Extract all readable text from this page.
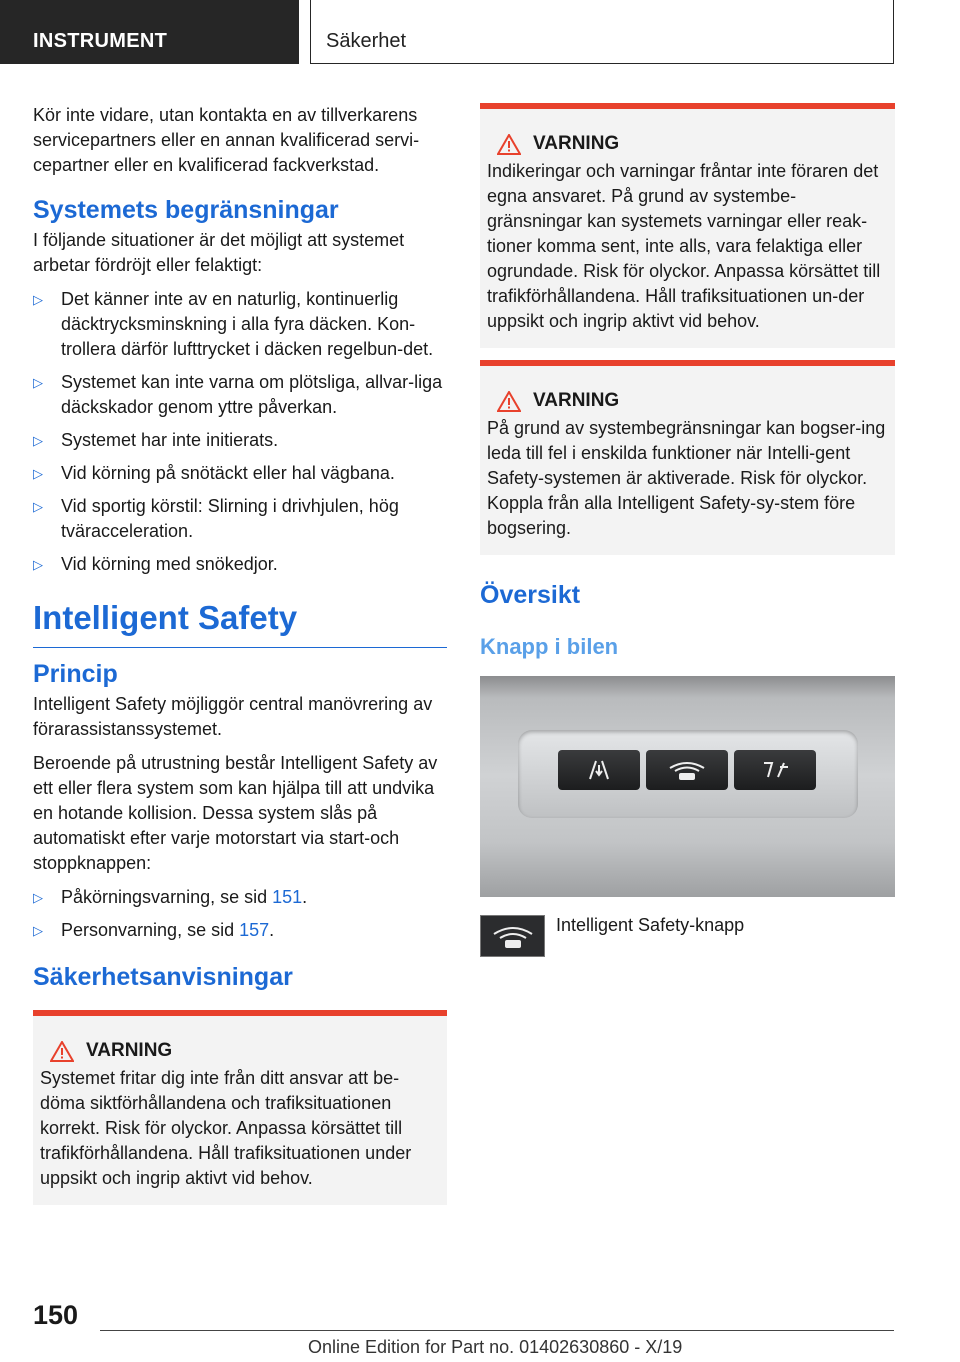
INSTRUMENT	Säkerhet

Kör inte vidare, utan kontakta en av tillverkarens servicepartners eller en annan kvalificerad servi-cepartner eller en kvalificerad fackverkstad.

Systemets begränsningar

I följande situationer är det möjligt att systemet arbetar fördröjt eller felaktigt:

▷ Det känner inte av en naturlig, kontinuerlig däcktrycksminskning i alla fyra däcken. Kon-trollera därför lufttrycket i däcken regelbun-det.
▷ Systemet kan inte varna om plötsliga, allvar-liga däckskador genom yttre påverkan.
▷ Systemet har inte initierats.
▷ Vid körning på snötäckt eller hal vägbana.
▷ Vid sportig körstil: Slirning i drivhjulen, hög tväracceleration.
▷ Vid körning med snökedjor.
Intelligent Safety
Princip

Intelligent Safety möjliggör central manövrering av förarassistanssystemet.

Beroende på utrustning består Intelligent Safety av ett eller flera system som kan hjälpa till att undvika en hotande kollision. Dessa system slås på automatiskt efter varje motorstart via start-och stoppknappen:

▷ Påkörningsvarning, se sid 151.
▷ Personvarning, se sid 157.
Säkerhetsanvisningar
VARNING

Systemet fritar dig inte från ditt ansvar att be-döma siktförhållandena och trafiksituationen korrekt. Risk för olyckor. Anpassa körsättet till trafikförhållandena. Håll trafiksituationen under uppsikt och ingrip aktivt vid behov.

VARNING

Indikeringar och varningar fråntar inte föraren det egna ansvaret. På grund av systembe-gränsningar kan systemets varningar eller reak-tioner komma sent, inte alls, vara felaktiga eller ogrundade. Risk för olyckor. Anpassa körsättet till trafikförhållandena. Håll trafiksituationen un-der uppsikt och ingrip aktivt vid behov.

VARNING

På grund av systembegränsningar kan bogser-ing leda till fel i enskilda funktioner när Intelli-gent Safety-systemen är aktiverade. Risk för olyckor. Koppla från alla Intelligent Safety-sy-stem före bogsering.

Översikt
Knapp i bilen

Intelligent Safety-knapp

150
Online Edition for Part no. 01402630860 - X/19
